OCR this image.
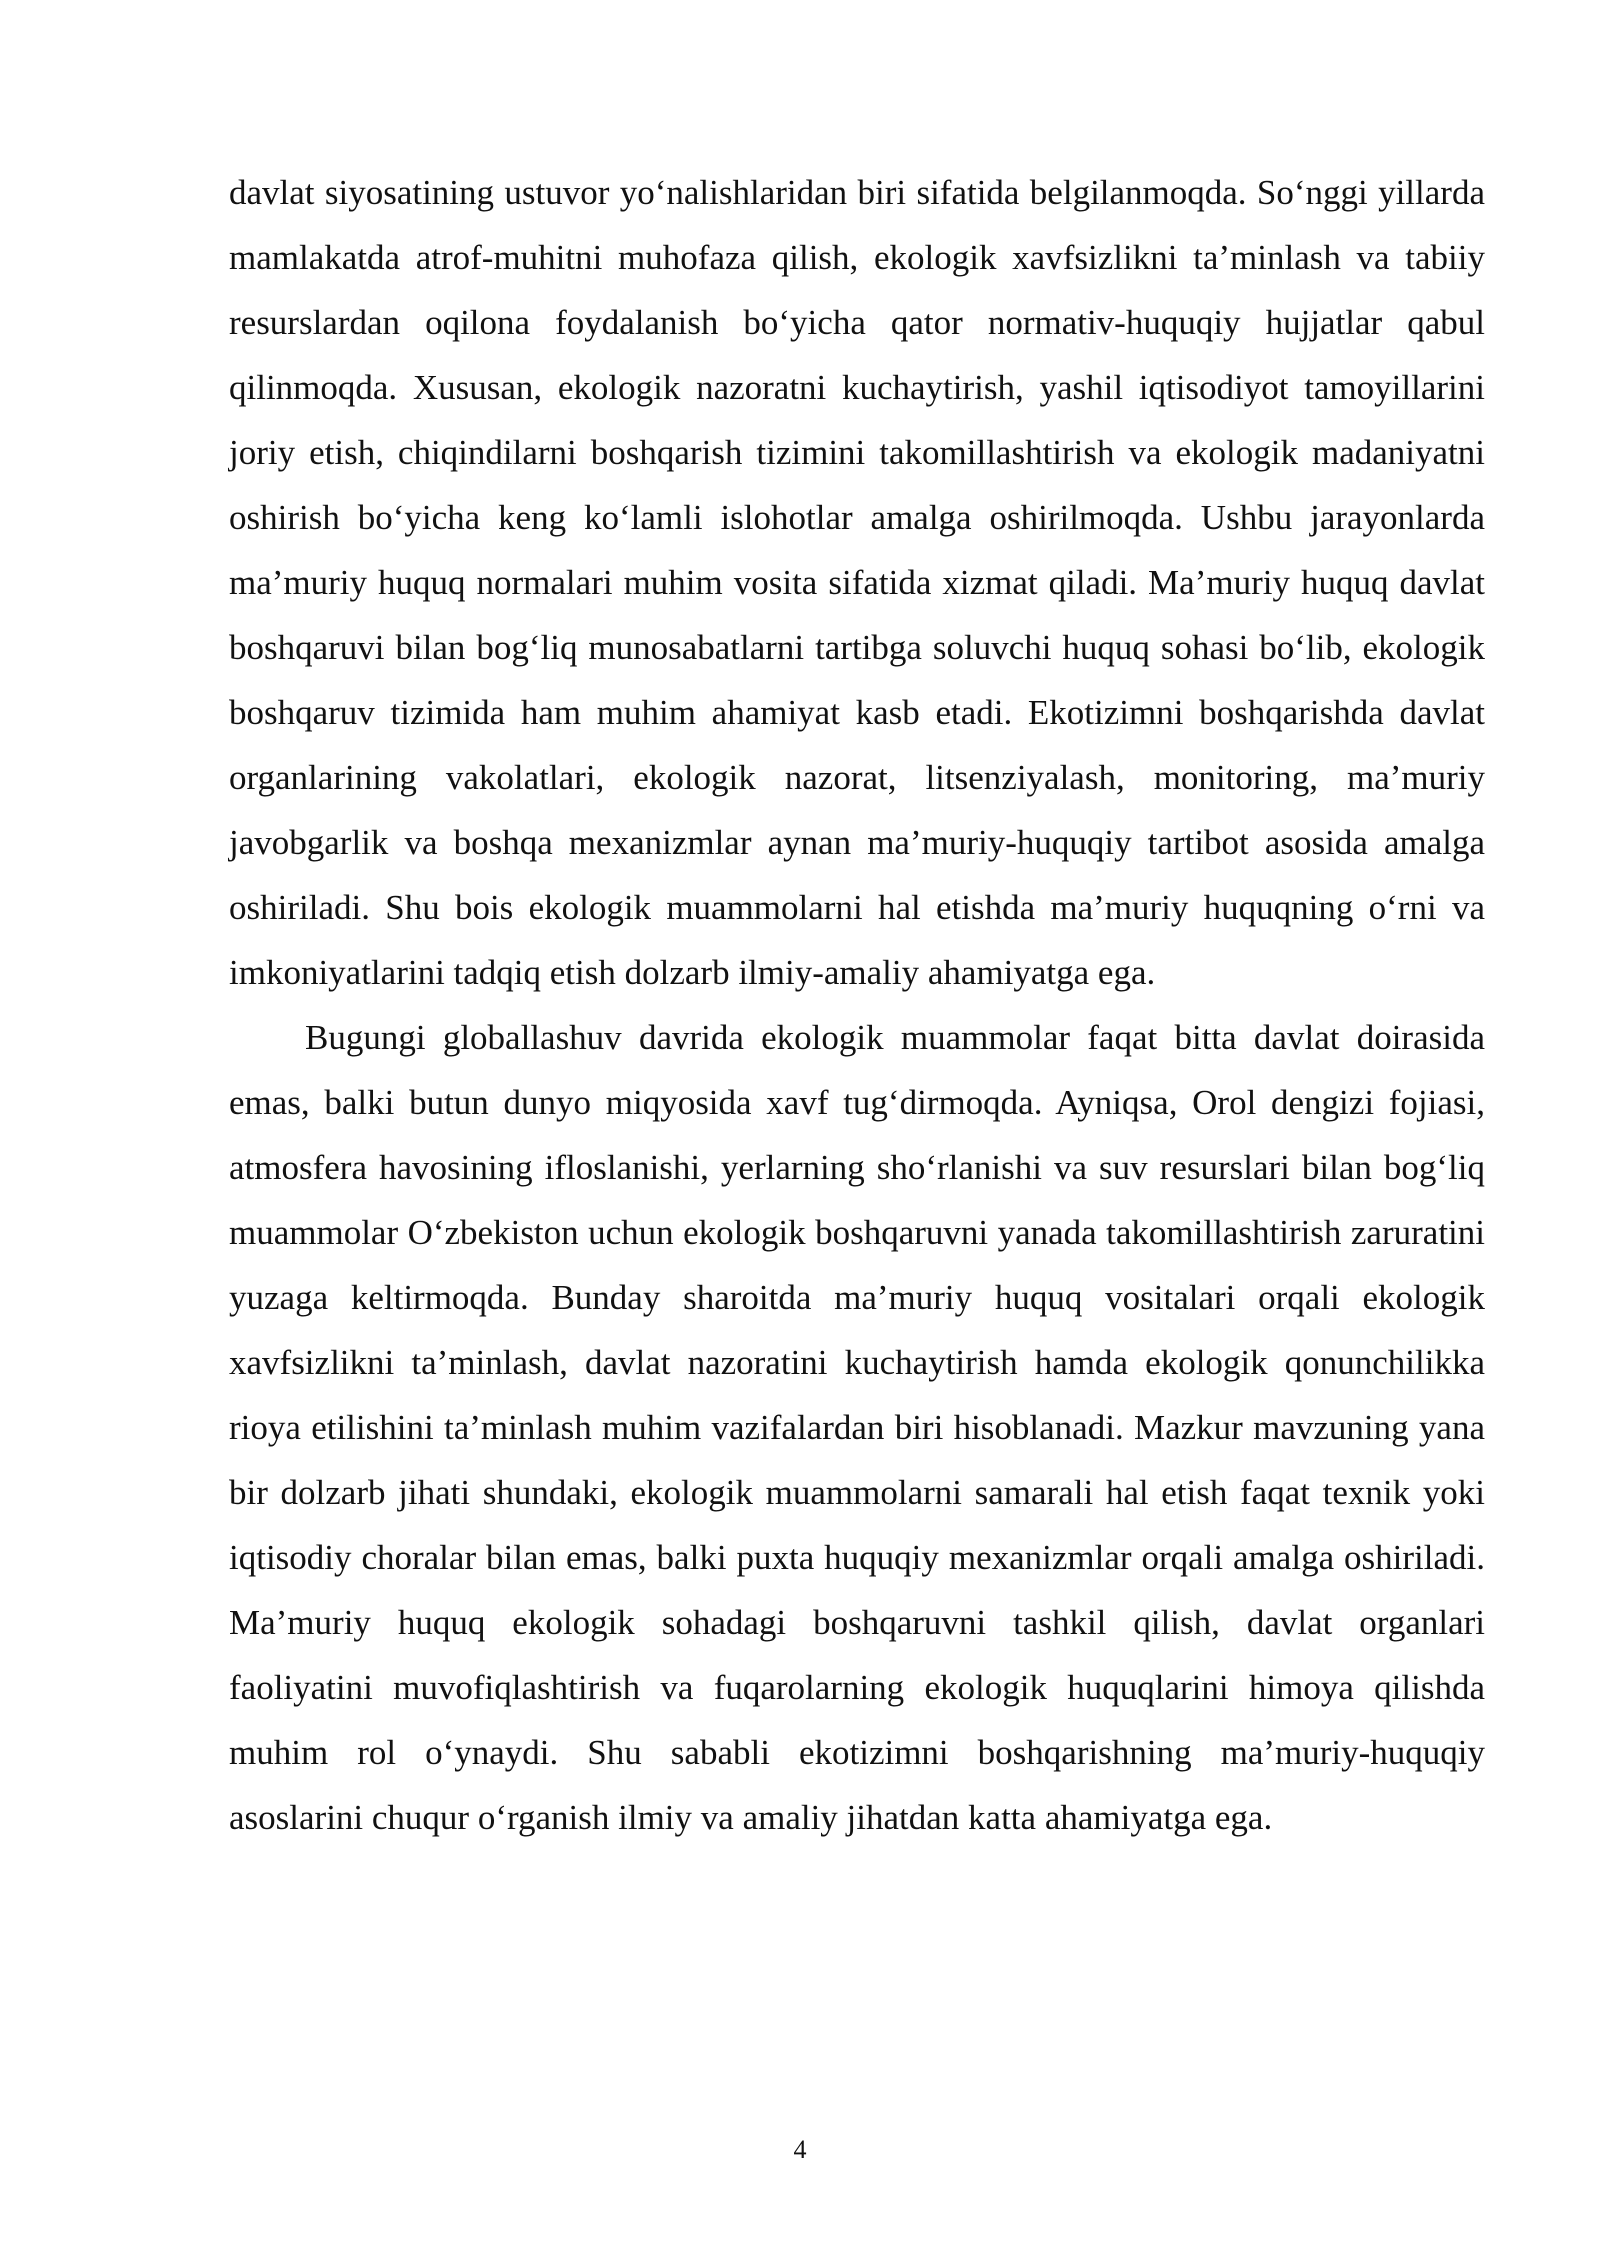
davlat siyosatining ustuvor yo‘nalishlaridan biri sifatida belgilanmoqda. So‘nggi yillarda mamlakatda atrof-muhitni muhofaza qilish, ekologik xavfsizlikni ta’minlash va tabiiy resurslardan oqilona foydalanish bo‘yicha qator normativ-huquqiy hujjatlar qabul qilinmoqda. Xususan, ekologik nazoratni kuchaytirish, yashil iqtisodiyot tamoyillarini joriy etish, chiqindilarni boshqarish tizimini takomillashtirish va ekologik madaniyatni oshirish bo‘yicha keng ko‘lamli islohotlar amalga oshirilmoqda. Ushbu jarayonlarda ma’muriy huquq normalari muhim vosita sifatida xizmat qiladi. Ma’muriy huquq davlat boshqaruvi bilan bog‘liq munosabatlarni tartibga soluvchi huquq sohasi bo‘lib, ekologik boshqaruv tizimida ham muhim ahamiyat kasb etadi. Ekotizimni boshqarishda davlat organlarining vakolatlari, ekologik nazorat, litsenziyalash, monitoring, ma’muriy javobgarlik va boshqa mexanizmlar aynan ma’muriy-huquqiy tartibot asosida amalga oshiriladi. Shu bois ekologik muammolarni hal etishda ma’muriy huquqning o‘rni va imkoniyatlarini tadqiq etish dolzarb ilmiy-amaliy ahamiyatga ega.

Bugungi globallashuv davrida ekologik muammolar faqat bitta davlat doirasida emas, balki butun dunyo miqyosida xavf tug‘dirmoqda. Ayniqsa, Orol dengizi fojiasi, atmosfera havosining ifloslanishi, yerlarning sho‘rlanishi va suv resurslari bilan bog‘liq muammolar O‘zbekiston uchun ekologik boshqaruvni yanada takomillashtirish zaruratini yuzaga keltirmoqda. Bunday sharoitda ma’muriy huquq vositalari orqali ekologik xavfsizlikni ta’minlash, davlat nazoratini kuchaytirish hamda ekologik qonunchilikka rioya etilishini ta’minlash muhim vazifalardan biri hisoblanadi. Mazkur mavzuning yana bir dolzarb jihati shundaki, ekologik muammolarni samarali hal etish faqat texnik yoki iqtisodiy choralar bilan emas, balki puxta huquqiy mexanizmlar orqali amalga oshiriladi. Ma’muriy huquq ekologik sohadagi boshqaruvni tashkil qilish, davlat organlari faoliyatini muvofiqlashtirish va fuqarolarning ekologik huquqlarini himoya qilishda muhim rol o‘ynaydi. Shu sababli ekotizimni boshqarishning ma’muriy-huquqiy asoslarini chuqur o‘rganish ilmiy va amaliy jihatdan katta ahamiyatga ega.

4
